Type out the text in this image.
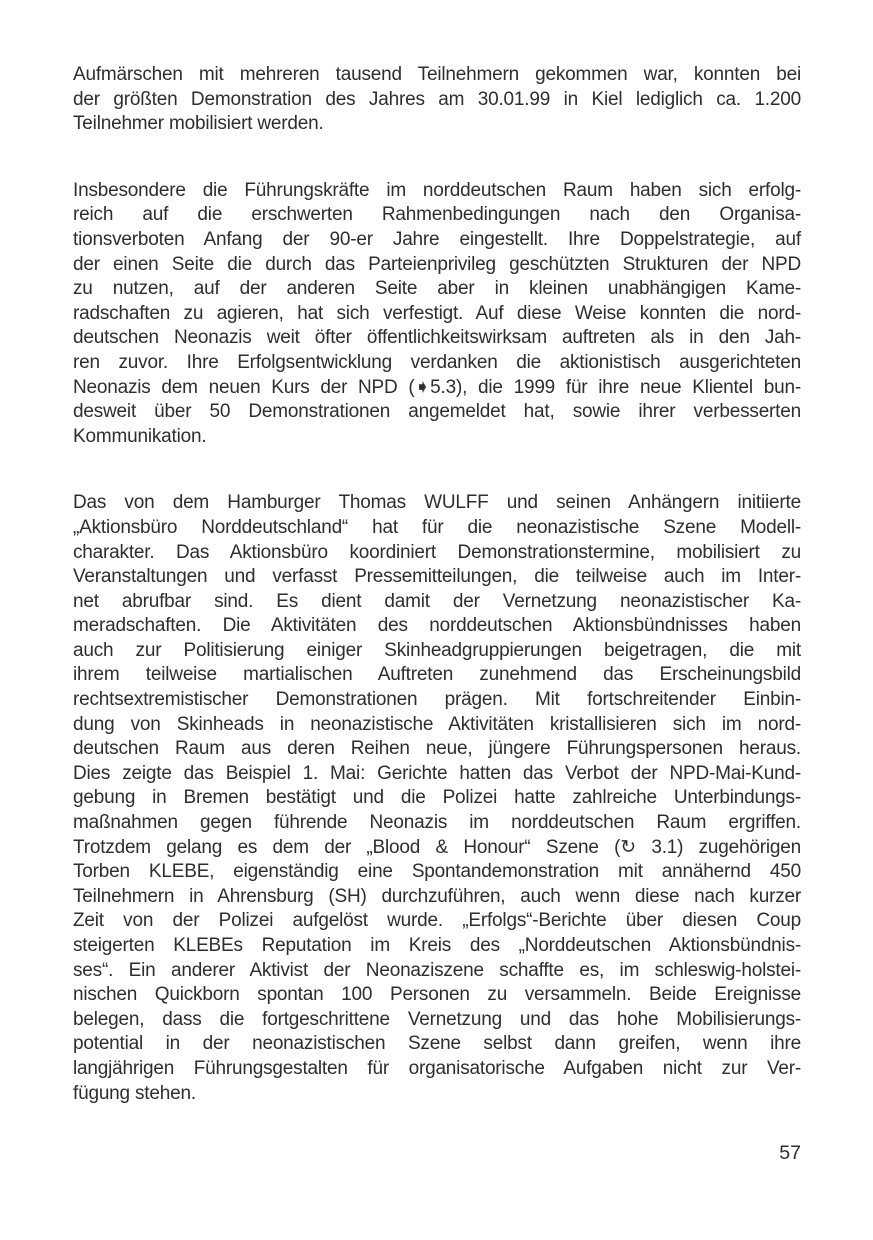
Aufmärschen mit mehreren tausend Teilnehmern gekommen war, konnten bei
der größten Demonstration des Jahres am 30.01.99 in Kiel lediglich ca. 1.200
Teilnehmer mobilisiert werden.
Insbesondere die Führungskräfte im norddeutschen Raum haben sich erfolg-
reich auf die erschwerten Rahmenbedingungen nach den Organisa-
tionsverboten Anfang der 90-er Jahre eingestellt. Ihre Doppelstrategie, auf
der einen Seite die durch das Parteienprivileg geschützten Strukturen der NPD
zu nutzen, auf der anderen Seite aber in kleinen unabhängigen Kame-
radschaften zu agieren, hat sich verfestigt. Auf diese Weise konnten die nord-
deutschen Neonazis weit öfter öffentlichkeitswirksam auftreten als in den Jah-
ren zuvor. Ihre Erfolgsentwicklung verdanken die aktionistisch ausgerichteten
Neonazis dem neuen Kurs der NPD (➧5.3), die 1999 für ihre neue Klientel bun-
desweit über 50 Demonstrationen angemeldet hat, sowie ihrer verbesserten
Kommunikation.
Das von dem Hamburger Thomas WULFF und seinen Anhängern initiierte
„Aktionsbüro Norddeutschland“ hat für die neonazistische Szene Modell-
charakter. Das Aktionsbüro koordiniert Demonstrationstermine, mobilisiert zu
Veranstaltungen und verfasst Pressemitteilungen, die teilweise auch im Inter-
net abrufbar sind. Es dient damit der Vernetzung neonazistischer Ka-
meradschaften. Die Aktivitäten des norddeutschen Aktionsbündnisses haben
auch zur Politisierung einiger Skinheadgruppierungen beigetragen, die mit
ihrem teilweise martialischen Auftreten zunehmend das Erscheinungsbild
rechtsextremistischer Demonstrationen prägen. Mit fortschreitender Einbin-
dung von Skinheads in neonazistische Aktivitäten kristallisieren sich im nord-
deutschen Raum aus deren Reihen neue, jüngere Führungspersonen heraus.
Dies zeigte das Beispiel 1. Mai: Gerichte hatten das Verbot der NPD-Mai-Kund-
gebung in Bremen bestätigt und die Polizei hatte zahlreiche Unterbindungs-
maßnahmen gegen führende Neonazis im norddeutschen Raum ergriffen.
Trotzdem gelang es dem der „Blood & Honour“ Szene (↻ 3.1) zugehörigen
Torben KLEBE, eigenständig eine Spontandemonstration mit annähernd 450
Teilnehmern in Ahrensburg (SH) durchzuführen, auch wenn diese nach kurzer
Zeit von der Polizei aufgelöst wurde. „Erfolgs“-Berichte über diesen Coup
steigerten KLEBEs Reputation im Kreis des „Norddeutschen Aktionsbündnis-
ses“. Ein anderer Aktivist der Neonaziszene schaffte es, im schleswig-holstei-
nischen Quickborn spontan 100 Personen zu versammeln. Beide Ereignisse
belegen, dass die fortgeschrittene Vernetzung und das hohe Mobilisierungs-
potential in der neonazistischen Szene selbst dann greifen, wenn ihre
langjährigen Führungsgestalten für organisatorische Aufgaben nicht zur Ver-
fügung stehen.
57
